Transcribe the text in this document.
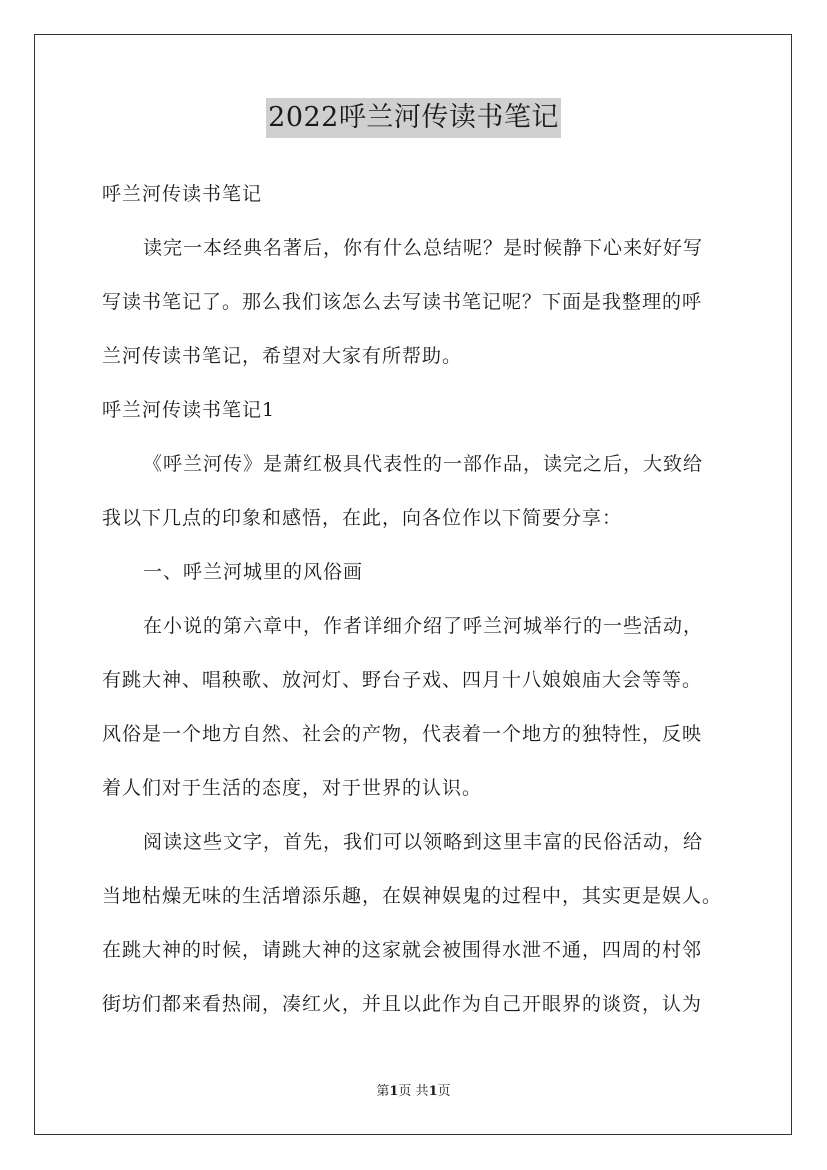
2022呼兰河传读书笔记
呼兰河传读书笔记
读完一本经典名著后，你有什么总结呢？是时候静下心来好好写
写读书笔记了。那么我们该怎么去写读书笔记呢？下面是我整理的呼
兰河传读书笔记，希望对大家有所帮助。
呼兰河传读书笔记1
《呼兰河传》是萧红极具代表性的一部作品，读完之后，大致给
我以下几点的印象和感悟，在此，向各位作以下简要分享：
一、呼兰河城里的风俗画
在小说的第六章中，作者详细介绍了呼兰河城举行的一些活动，
有跳大神、唱秧歌、放河灯、野台子戏、四月十八娘娘庙大会等等。
风俗是一个地方自然、社会的产物，代表着一个地方的独特性，反映
着人们对于生活的态度，对于世界的认识。
阅读这些文字，首先，我们可以领略到这里丰富的民俗活动，给
当地枯燥无味的生活增添乐趣，在娱神娱鬼的过程中，其实更是娱人。
在跳大神的时候，请跳大神的这家就会被围得水泄不通，四周的村邻
街坊们都来看热闹，凑红火，并且以此作为自己开眼界的谈资，认为
第1页 共1页
